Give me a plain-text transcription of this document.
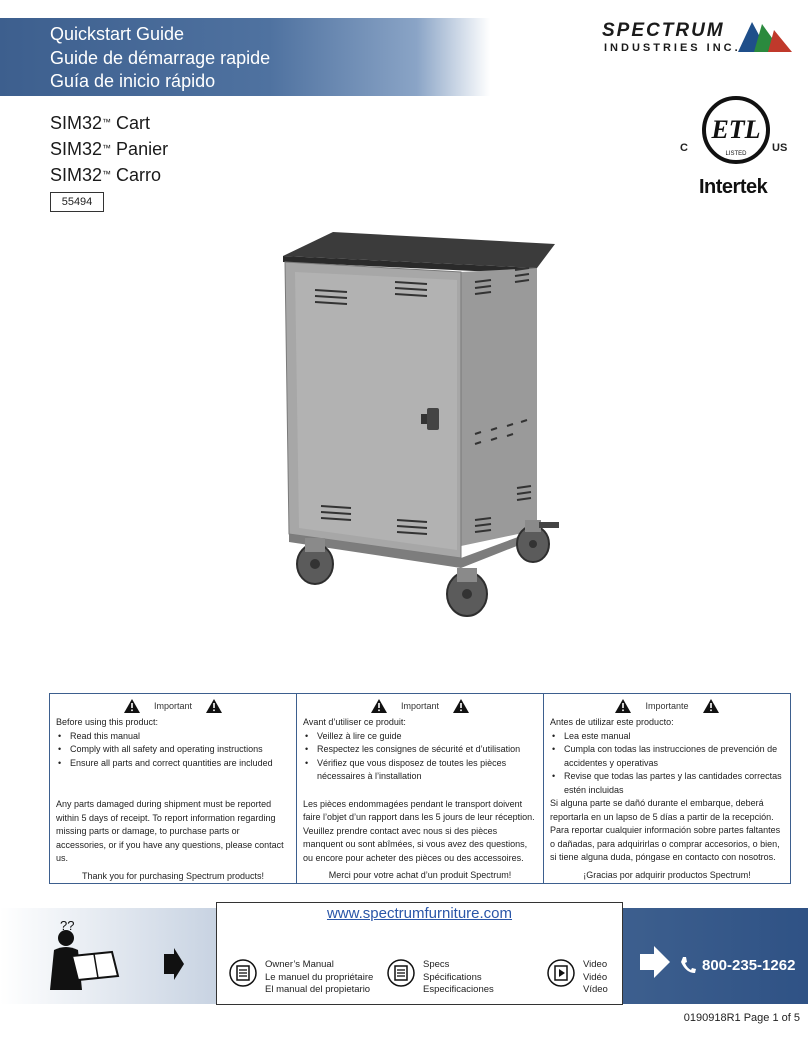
Quickstart Guide
Guide de démarrage rapide
Guía de inicio rápido
SPECTRUM
INDUSTRIES INC.
ETL
LISTED
C	US
Intertek
SIM32™ Cart
SIM32™ Panier
SIM32™ Carro
55494
Important
Before using this product:
• Read this manual
• Comply with all safety and operating instructions
• Ensure all parts and correct quantities are included
Any parts damaged during shipment must be reported within 5 days of receipt. To report information regarding missing parts or damage, to purchase parts or accessories, or if you have any questions, please contact us.
Thank you for purchasing Spectrum products!
Important
Avant d’utiliser ce produit:
• Veillez à lire ce guide
• Respectez les consignes de sécurité et d’utilisation
• Vérifiez que vous disposez de toutes les pièces nécessaires à l’installation
Les pièces endommagées pendant le transport doivent faire l’objet d’un rapport dans les 5 jours de leur réception. Veuillez prendre contact avec nous si des pièces manquent ou sont abîmées, si vous avez des questions, ou encore pour acheter des pièces ou des accessoires.
Merci pour votre achat d’un produit Spectrum!
Importante
Antes de utilizar este producto:
• Lea este manual
• Cumpla con todas las instrucciones de prevención de accidentes y operativas
• Revise que todas las partes y las cantidades correctas estén incluidas
Si alguna parte se dañó durante el embarque, deberá reportarla en un lapso de 5 días a partir de la recepción. Para reportar cualquier información sobre partes faltantes o dañadas, para adquirirlas o comprar accesorios, o bien, si tiene alguna duda, póngase en contacto con nosotros.
¡Gracias por adquirir productos Spectrum!
??
800-235-1262
www.spectrumfurniture.com
Owner’s Manual
Le manuel du propriétaire
El manual del propietario
Specs
Spécifications
Especificaciones
Video
Vidéo
Vídeo
0190918R1 Page 1 of 5
